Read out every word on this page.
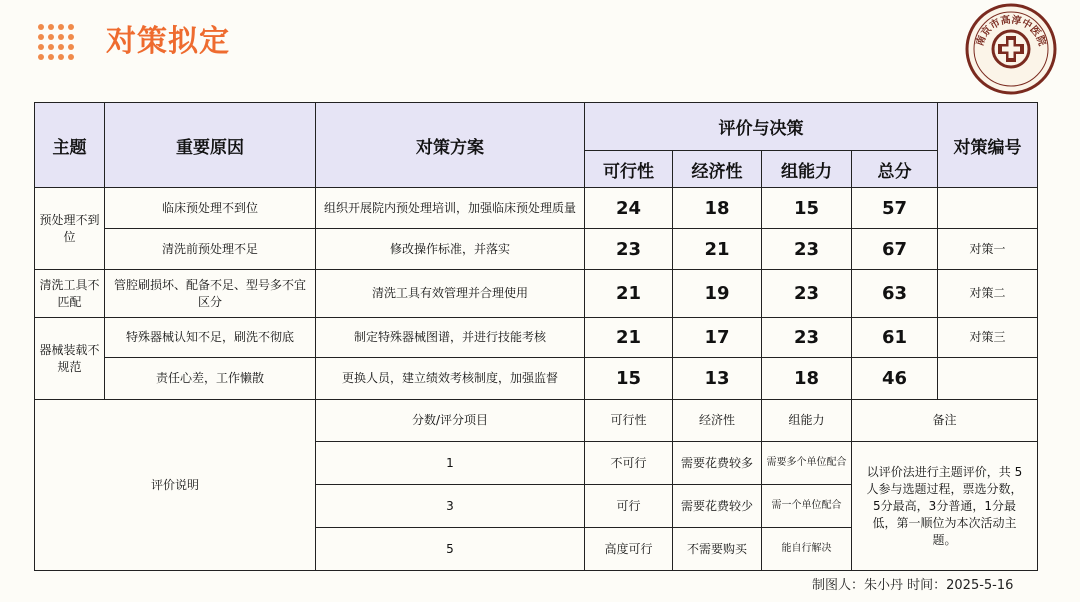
对策拟定	南京市高淳中医院
主题	重要原因	对策方案	评价与决策				对策编号
			可行性	经济性	组能力	总分	
预处理不到位	临床预处理不到位	组织开展院内预处理培训，加强临床预处理质量	24	18	15	57	
	清洗前预处理不足	修改操作标准，并落实	23	21	23	67	对策一
清洗工具不匹配	管腔刷损坏、配备不足、型号多不宜区分	清洗工具有效管理并合理使用	21	19	23	63	对策二
器械装载不规范	特殊器械认知不足，刷洗不彻底	制定特殊器械图谱，并进行技能考核	21	17	23	61	对策三
	责任心差，工作懒散	更换人员，建立绩效考核制度，加强监督	15	13	18	46	
评价说明		分数/评分项目	可行性	经济性	组能力	备注	
		1	不可行	需要花费较多	需要多个单位配合	以评价法进行主题评价，共 5 人参与选题过程，票选分数，5分最高，3分普通，1分最低，第一顺位为本次活动主题。	
		3	可行	需要花费较少	需一个单位配合		
		5	高度可行	不需要购买	能自行解决		
制图人：朱小丹 时间：2025-5-16
